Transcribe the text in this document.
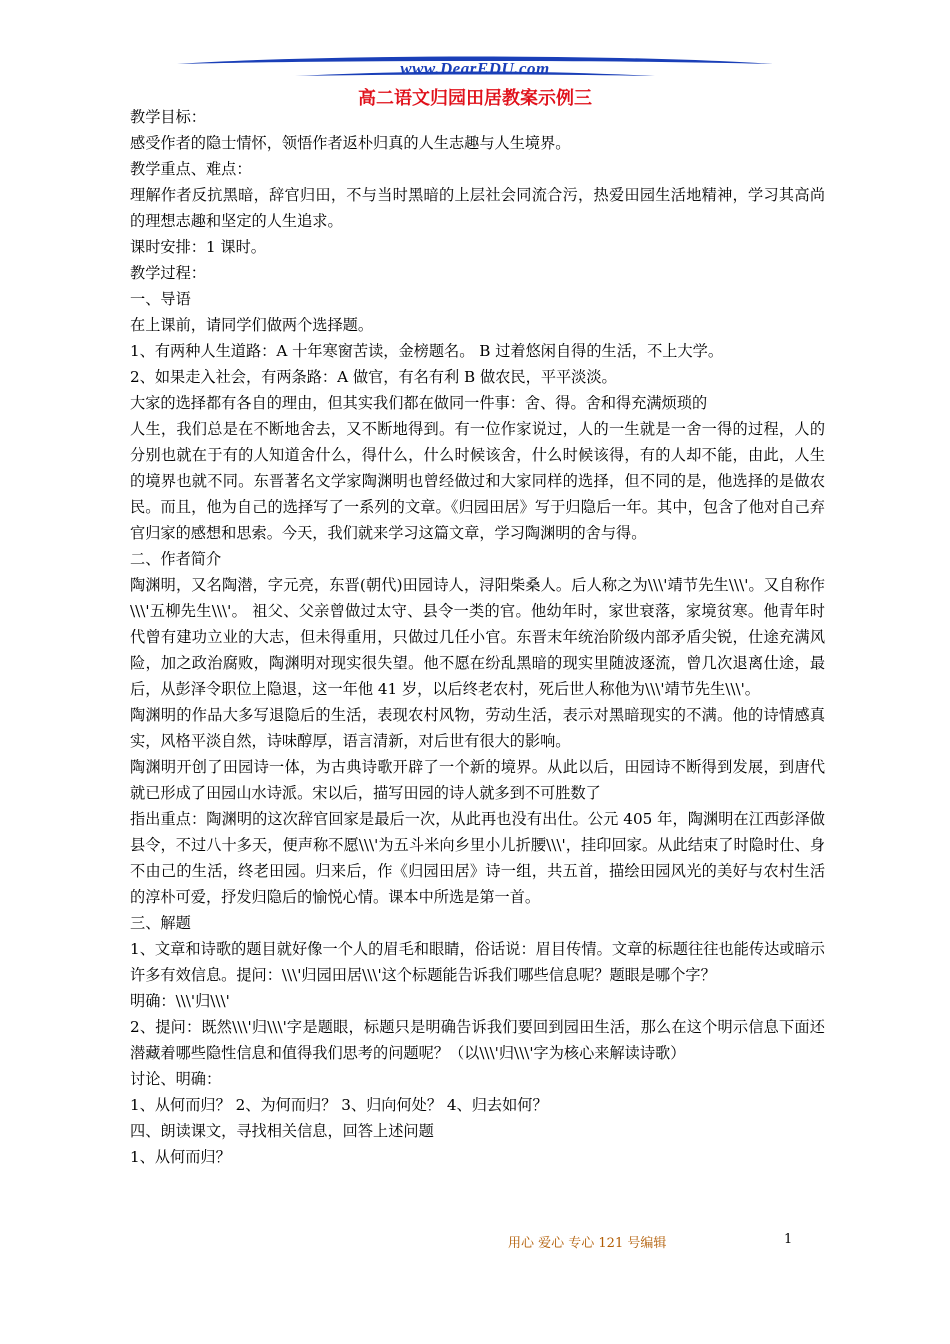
www.DearEDU.com
高二语文归园田居教案示例三

教学目标：

感受作者的隐士情怀，领悟作者返朴归真的人生志趣与人生境界。

教学重点、难点：

理解作者反抗黑暗，辞官归田，不与当时黑暗的上层社会同流合污，热爱田园生活地精神，学习其高尚的理想志趣和坚定的人生追求。

课时安排：1 课时。

教学过程：

一、导语

在上课前，请同学们做两个选择题。

1、有两种人生道路：A 十年寒窗苦读，金榜题名。 B 过着悠闲自得的生活，不上大学。

2、如果走入社会，有两条路：A 做官，有名有利 B 做农民，平平淡淡。

大家的选择都有各自的理由，但其实我们都在做同一件事：舍、得。舍和得充满烦琐的

人生，我们总是在不断地舍去，又不断地得到。有一位作家说过，人的一生就是一舍一得的过程，人的分别也就在于有的人知道舍什么，得什么，什么时候该舍，什么时候该得，有的人却不能，由此，人生的境界也就不同。东晋著名文学家陶渊明也曾经做过和大家同样的选择，但不同的是，他选择的是做农民。而且，他为自己的选择写了一系列的文章。《归园田居》写于归隐后一年。其中，包含了他对自己弃官归家的感想和思索。今天，我们就来学习这篇文章，学习陶渊明的舍与得。

二、作者简介

陶渊明，又名陶潜，字元亮，东晋(朝代)田园诗人，浔阳柴桑人。后人称之为\\\'靖节先生\\\'。又自称作\\\'五柳先生\\\'。 祖父、父亲曾做过太守、县令一类的官。他幼年时，家世衰落，家境贫寒。他青年时代曾有建功立业的大志，但未得重用，只做过几任小官。东晋末年统治阶级内部矛盾尖锐，仕途充满风险，加之政治腐败，陶渊明对现实很失望。他不愿在纷乱黑暗的现实里随波逐流，曾几次退离仕途，最后，从彭泽令职位上隐退，这一年他 41 岁，以后终老农村，死后世人称他为\\\'靖节先生\\\'。

陶渊明的作品大多写退隐后的生活，表现农村风物，劳动生活，表示对黑暗现实的不满。他的诗情感真实，风格平淡自然，诗味醇厚，语言清新，对后世有很大的影响。

陶渊明开创了田园诗一体，为古典诗歌开辟了一个新的境界。从此以后，田园诗不断得到发展，到唐代就已形成了田园山水诗派。宋以后，描写田园的诗人就多到不可胜数了

指出重点：陶渊明的这次辞官回家是最后一次，从此再也没有出仕。公元 405 年，陶渊明在江西彭泽做县令，不过八十多天，便声称不愿\\\'为五斗米向乡里小儿折腰\\\'，挂印回家。从此结束了时隐时仕、身不由己的生活，终老田园。归来后，作《归园田居》诗一组，共五首，描绘田园风光的美好与农村生活的淳朴可爱，抒发归隐后的愉悦心情。课本中所选是第一首。

三、解题

1、文章和诗歌的题目就好像一个人的眉毛和眼睛，俗话说：眉目传情。文章的标题往往也能传达或暗示许多有效信息。提问：\\\'归园田居\\\'这个标题能告诉我们哪些信息呢？题眼是哪个字？

明确：\\\'归\\\'

2、提问：既然\\\'归\\\'字是题眼，标题只是明确告诉我们要回到园田生活，那么在这个明示信息下面还潜藏着哪些隐性信息和值得我们思考的问题呢？（以\\\'归\\\'字为核心来解读诗歌）

讨论、明确：

1、从何而归？ 2、为何而归？ 3、归向何处？ 4、归去如何？

四、朗读课文，寻找相关信息，回答上述问题

1、从何而归？

用心 爱心 专心 121 号编辑	1
